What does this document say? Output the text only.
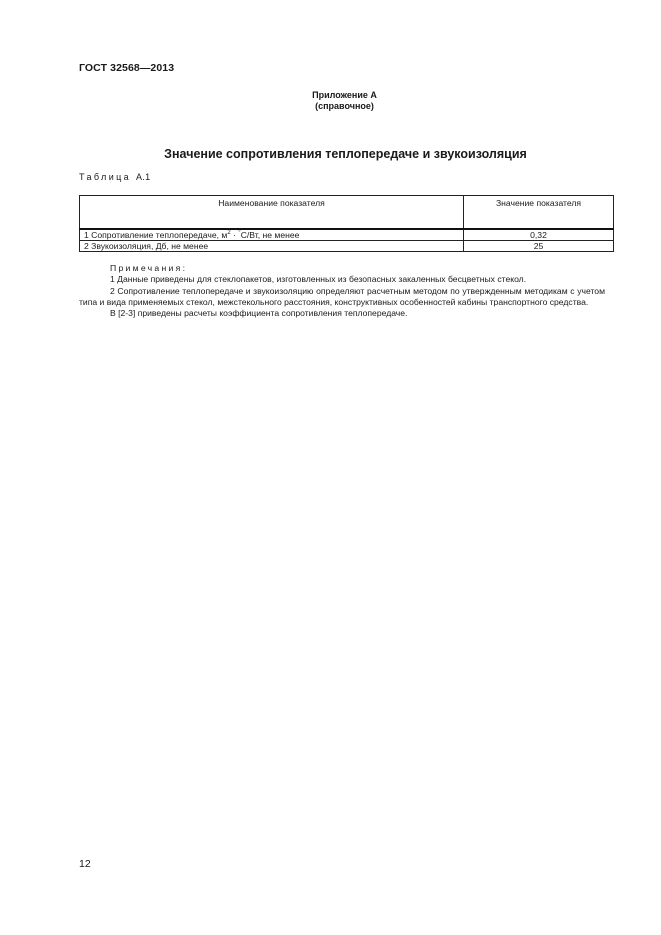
ГОСТ 32568—2013
Приложение А
(справочное)
Значение сопротивления теплопередаче и звукоизоляция
Таблица А.1
Наименование показателя	Значение показателя
1 Сопротивление теплопередаче, $м^2 \cdot ^\circ С/Вт$, не менее	0,32
2 Звукоизоляция, Дб, не менее	25
Примечания:
1 Данные приведены для стеклопакетов, изготовленных из безопасных закаленных бесцветных стекол.
2 Сопротивление теплопередаче и звукоизоляцию определяют расчетным методом по утвержденным методикам с учетом типа и вида применяемых стекол, межстекольного расстояния, конструктивных особенностей кабины транспортного средства.
В [2-3] приведены расчеты коэффициента сопротивления теплопередаче.
12
